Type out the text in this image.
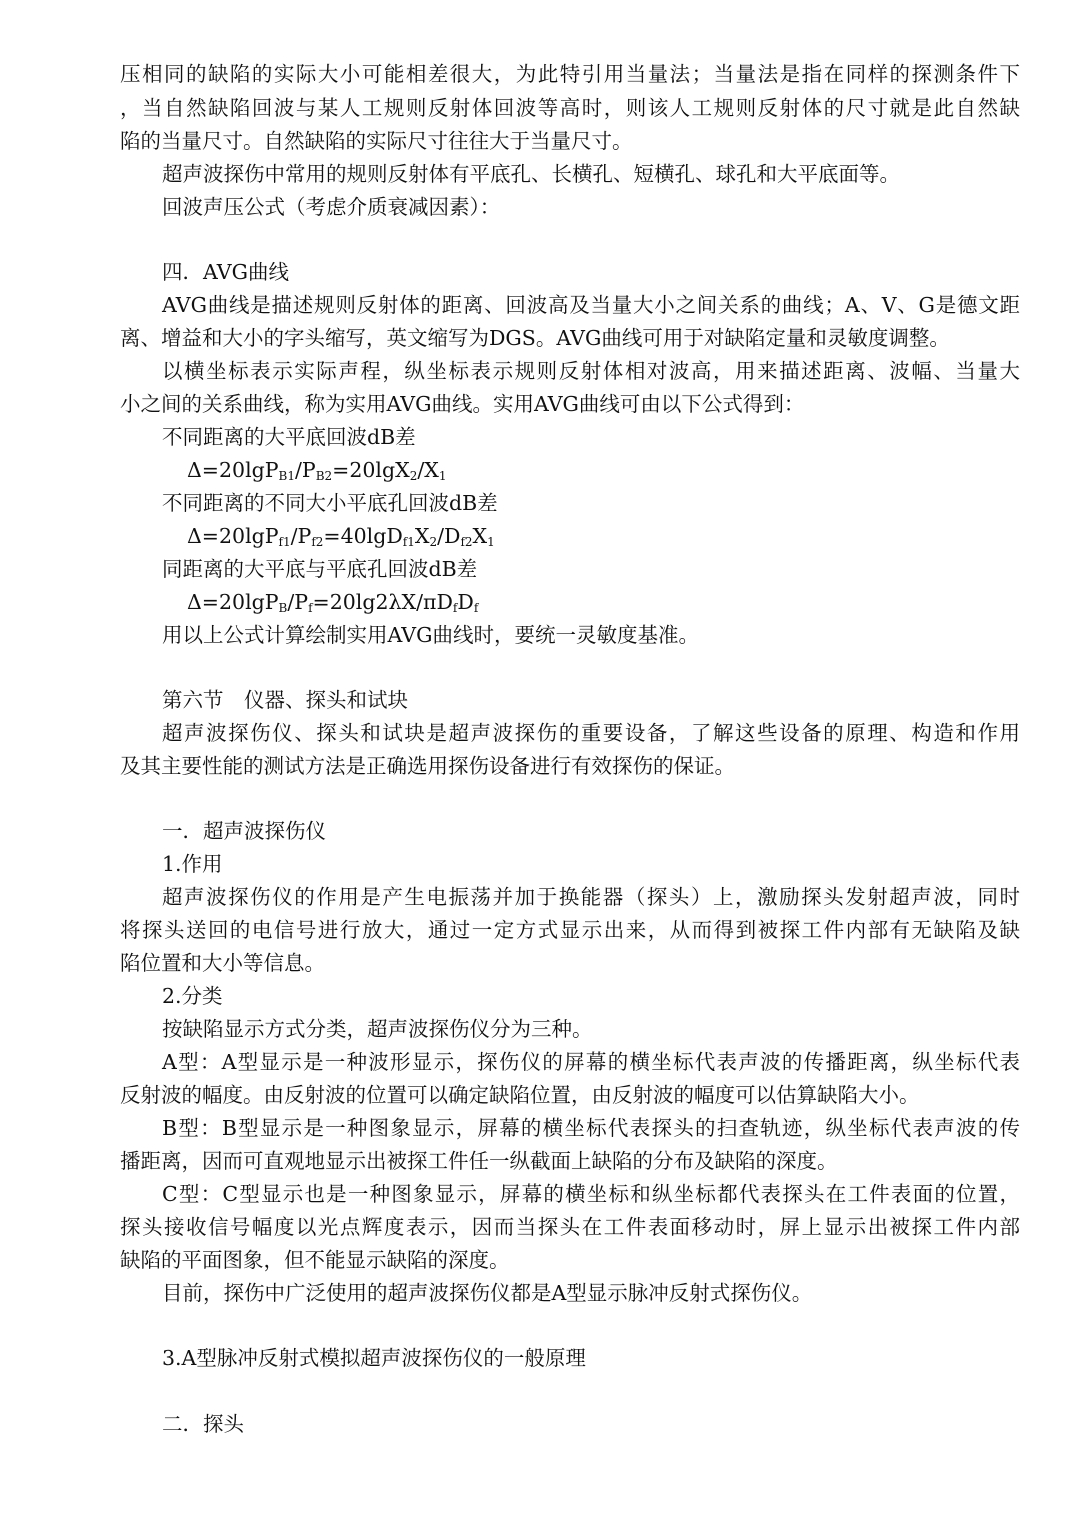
压相同的缺陷的实际大小可能相差很大，为此特引用当量法；当量法是指在同样的探测条件下
，当自然缺陷回波与某人工规则反射体回波等高时，则该人工规则反射体的尺寸就是此自然缺
陷的当量尺寸。自然缺陷的实际尺寸往往大于当量尺寸。
超声波探伤中常用的规则反射体有平底孔、长横孔、短横孔、球孔和大平底面等。
回波声压公式（考虑介质衰减因素）：
四．AVG曲线
AVG曲线是描述规则反射体的距离、回波高及当量大小之间关系的曲线；A、V、G是德文距
离、增益和大小的字头缩写，英文缩写为DGS。AVG曲线可用于对缺陷定量和灵敏度调整。
以横坐标表示实际声程，纵坐标表示规则反射体相对波高，用来描述距离、波幅、当量大
小之间的关系曲线，称为实用AVG曲线。实用AVG曲线可由以下公式得到：
不同距离的大平底回波dB差
$\Delta=20\lg P_{B1}/P_{B2}=20\lg X_2/X_1$
不同距离的不同大小平底孔回波dB差
$\Delta=20\lg P_{f1}/P_{f2}=40\lg D_{f1}X_2/D_{f2}X_1$
同距离的大平底与平底孔回波dB差
$\Delta=20\lg P_B/P_f=20\lg 2\lambda X/\pi D_fD_f$
用以上公式计算绘制实用AVG曲线时，要统一灵敏度基准。
第六节　仪器、探头和试块
超声波探伤仪、探头和试块是超声波探伤的重要设备，了解这些设备的原理、构造和作用
及其主要性能的测试方法是正确选用探伤设备进行有效探伤的保证。
一．超声波探伤仪
1.作用
超声波探伤仪的作用是产生电振荡并加于换能器（探头）上，激励探头发射超声波，同时
将探头送回的电信号进行放大，通过一定方式显示出来，从而得到被探工件内部有无缺陷及缺
陷位置和大小等信息。
2.分类
按缺陷显示方式分类，超声波探伤仪分为三种。
A型：A型显示是一种波形显示，探伤仪的屏幕的横坐标代表声波的传播距离，纵坐标代表
反射波的幅度。由反射波的位置可以确定缺陷位置，由反射波的幅度可以估算缺陷大小。
B型：B型显示是一种图象显示，屏幕的横坐标代表探头的扫查轨迹，纵坐标代表声波的传
播距离，因而可直观地显示出被探工件任一纵截面上缺陷的分布及缺陷的深度。
C型：C型显示也是一种图象显示，屏幕的横坐标和纵坐标都代表探头在工件表面的位置，
探头接收信号幅度以光点辉度表示，因而当探头在工件表面移动时，屏上显示出被探工件内部
缺陷的平面图象，但不能显示缺陷的深度。
目前，探伤中广泛使用的超声波探伤仪都是A型显示脉冲反射式探伤仪。
3.A型脉冲反射式模拟超声波探伤仪的一般原理
二．探头
